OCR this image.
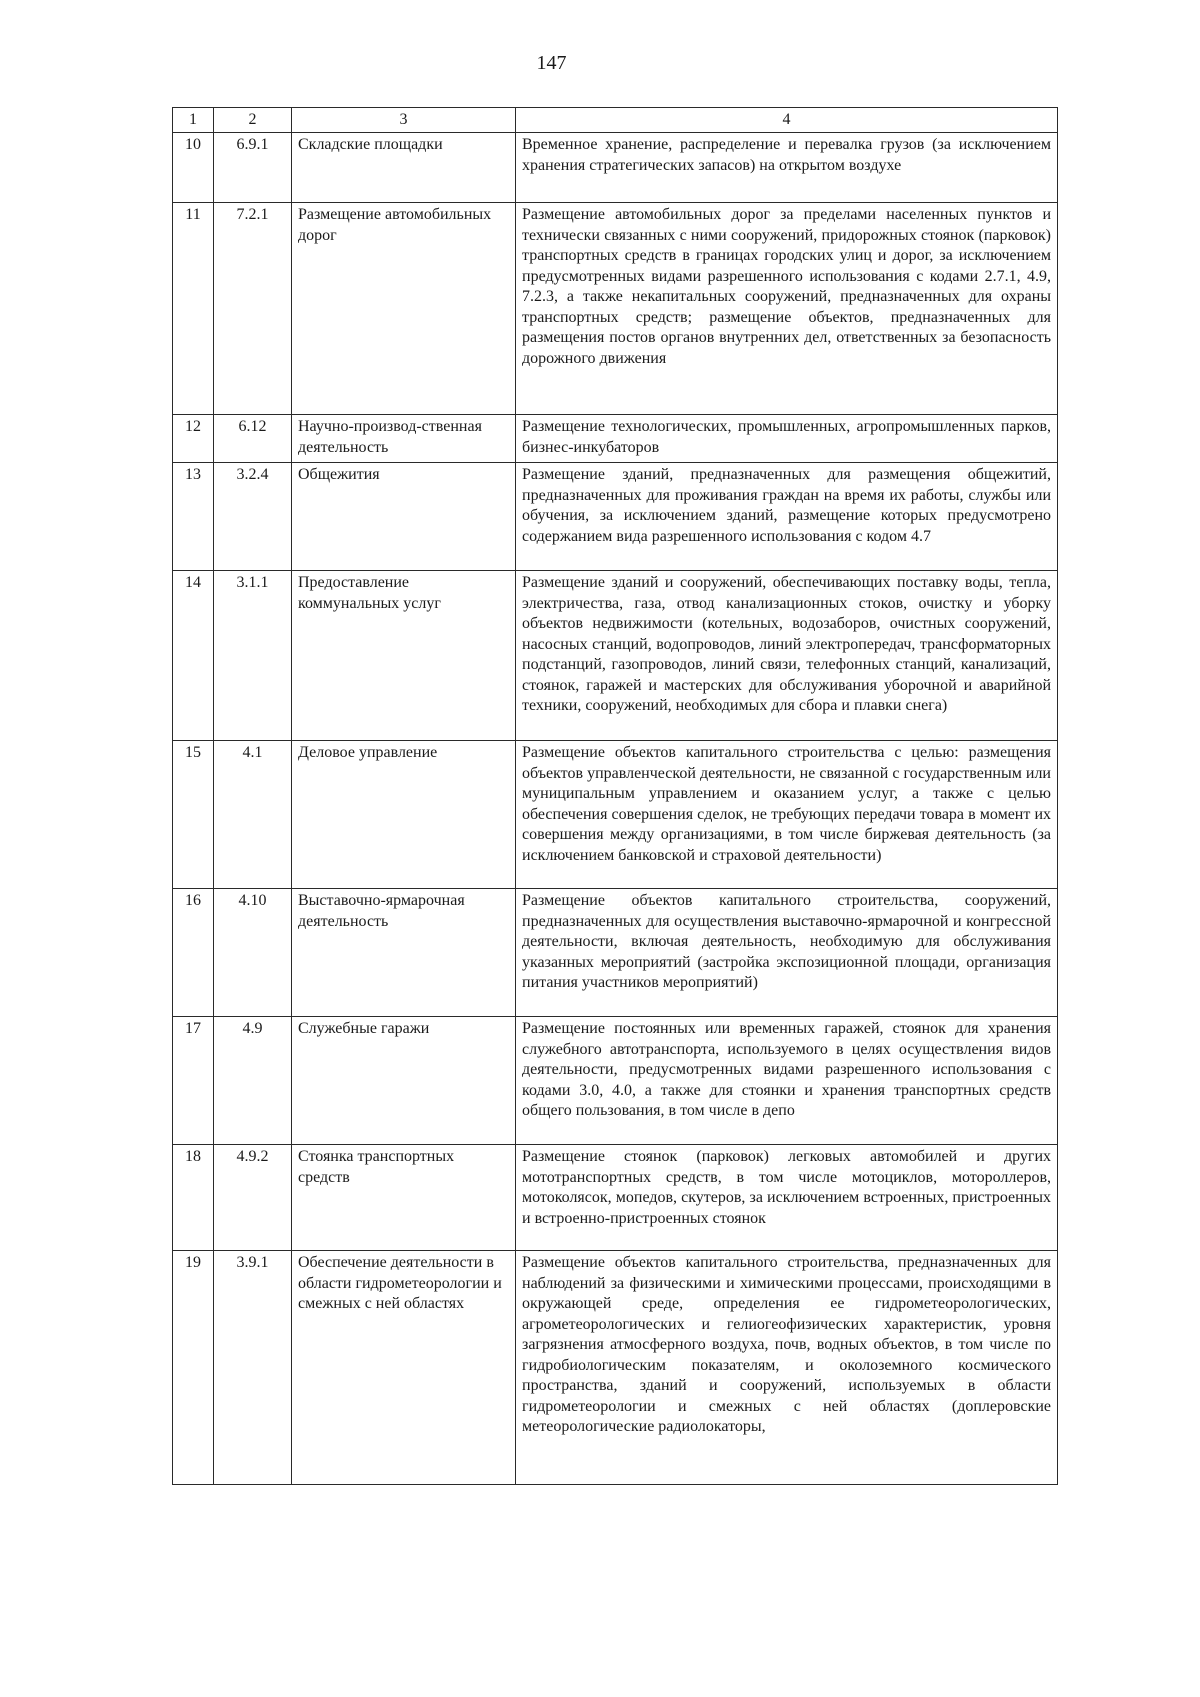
147
1	2	3	4
10	6.9.1	Складские площадки	Временное хранение, распределение и перевалка грузов (за исключением хранения стратегических запасов) на открытом воздухе
11	7.2.1	Размещение автомобильных дорог	Размещение автомобильных дорог за пределами населенных пунктов и технически связанных с ними сооружений, придорожных стоянок (парковок) транспортных средств в границах городских улиц и дорог, за исключением предусмотренных видами разрешенного использования с кодами 2.7.1, 4.9, 7.2.3, а также некапитальных сооружений, предназначенных для охраны транспортных средств; размещение объектов, предназначенных для размещения постов органов внутренних дел, ответственных за безопасность дорожного движения
12	6.12	Научно-производ-ственная деятельность	Размещение технологических, промышленных, агропромышленных парков, бизнес-инкубаторов
13	3.2.4	Общежития	Размещение зданий, предназначенных для размещения общежитий, предназначенных для проживания граждан на время их работы, службы или обучения, за исключением зданий, размещение которых предусмотрено содержанием вида разрешенного использования с кодом 4.7
14	3.1.1	Предоставление коммунальных услуг	Размещение зданий и сооружений, обеспечивающих поставку воды, тепла, электричества, газа, отвод канализационных стоков, очистку и уборку объектов недвижимости (котельных, водозаборов, очистных сооружений, насосных станций, водопроводов, линий электропередач, трансформаторных подстанций, газопроводов, линий связи, телефонных станций, канализаций, стоянок, гаражей и мастерских для обслуживания уборочной и аварийной техники, сооружений, необходимых для сбора и плавки снега)
15	4.1	Деловое управление	Размещение объектов капитального строительства с целью: размещения объектов управленческой деятельности, не связанной с государственным или муниципальным управлением и оказанием услуг, а также с целью обеспечения совершения сделок, не требующих передачи товара в момент их совершения между организациями, в том числе биржевая деятельность (за исключением банковской и страховой деятельности)
16	4.10	Выставочно-ярмарочная деятельность	Размещение объектов капитального строительства, сооружений, предназначенных для осуществления выставочно-ярмарочной и конгрессной деятельности, включая деятельность, необходимую для обслуживания указанных мероприятий (застройка экспозиционной площади, организация питания участников мероприятий)
17	4.9	Служебные гаражи	Размещение постоянных или временных гаражей, стоянок для хранения служебного автотранспорта, используемого в целях осуществления видов деятельности, предусмотренных видами разрешенного использования с кодами 3.0, 4.0, а также для стоянки и хранения транспортных средств общего пользования, в том числе в депо
18	4.9.2	Стоянка транспортных средств	Размещение стоянок (парковок) легковых автомобилей и других мототранспортных средств, в том числе мотоциклов, мотороллеров, мотоколясок, мопедов, скутеров, за исключением встроенных, пристроенных и встроенно-пристроенных стоянок
19	3.9.1	Обеспечение деятельности в области гидрометеорологии и смежных с ней областях	Размещение объектов капитального строительства, предназначенных для наблюдений за физическими и химическими процессами, происходящими в окружающей среде, определения ее гидрометеорологических, агрометеорологических и гелиогеофизических характеристик, уровня загрязнения атмосферного воздуха, почв, водных объектов, в том числе по гидробиологическим показателям, и околоземного космического пространства, зданий и сооружений, используемых в области гидрометеорологии и смежных с ней областях (доплеровские метеорологические радиолокаторы,
